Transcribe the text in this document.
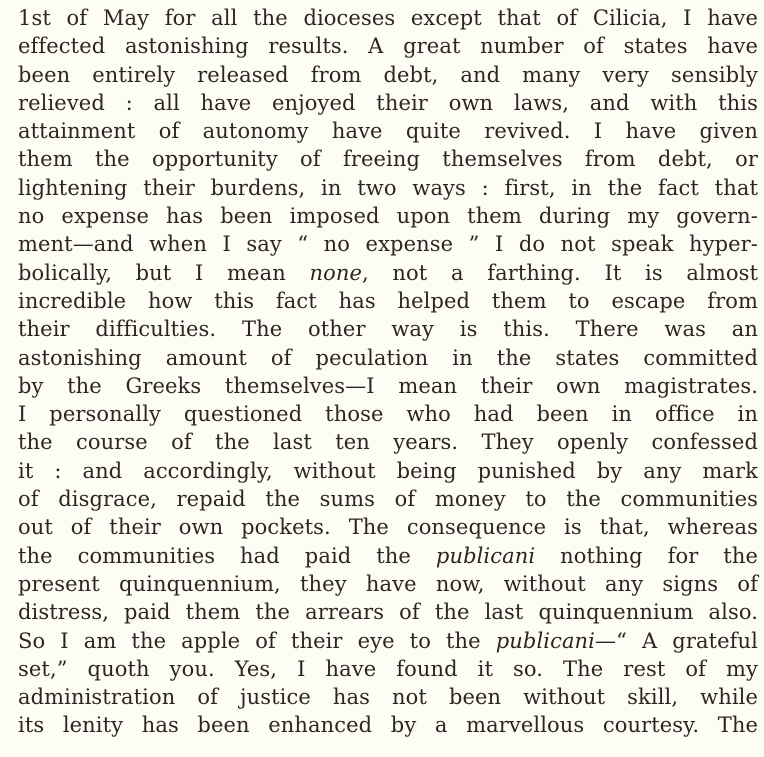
1st of May for all the dioceses except that of Cilicia, I have
effected astonishing results. A great number of states have
been entirely released from debt, and many very sensibly
relieved : all have enjoyed their own laws, and with this
attainment of autonomy have quite revived. I have given
them the opportunity of freeing themselves from debt, or
lightening their burdens, in two ways : first, in the fact that
no expense has been imposed upon them during my govern-
ment—and when I say “ no expense ” I do not speak hyper-
bolically, but I mean none, not a farthing. It is almost
incredible how this fact has helped them to escape from
their difficulties. The other way is this. There was an
astonishing amount of peculation in the states committed
by the Greeks themselves—I mean their own magistrates.
I personally questioned those who had been in office in
the course of the last ten years. They openly confessed
it : and accordingly, without being punished by any mark
of disgrace, repaid the sums of money to the communities
out of their own pockets. The consequence is that, whereas
the communities had paid the publicani nothing for the
present quinquennium, they have now, without any signs of
distress, paid them the arrears of the last quinquennium also.
So I am the apple of their eye to the publicani—“ A grateful
set,” quoth you. Yes, I have found it so. The rest of my
administration of justice has not been without skill, while
its lenity has been enhanced by a marvellous courtesy. The
